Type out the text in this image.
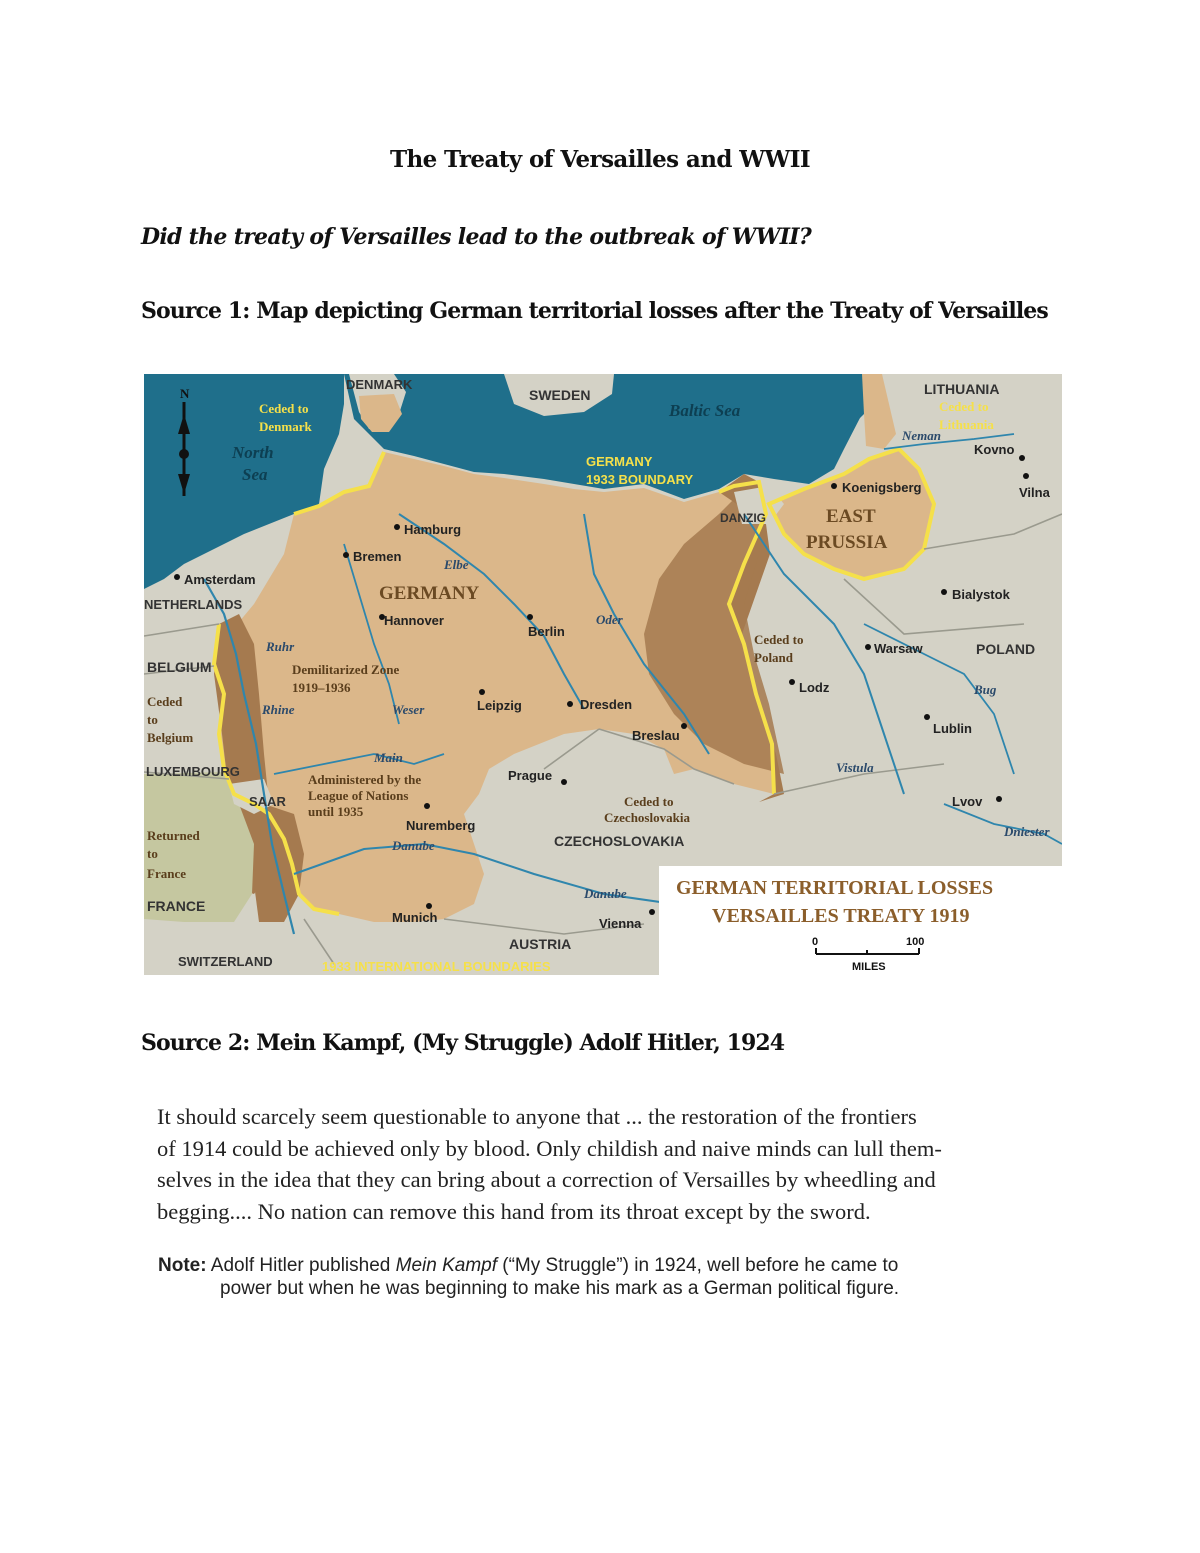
The Treaty of Versailles and WWII
Did the treaty of Versailles lead to the outbreak of WWII?
Source 1: Map depicting German territorial losses after the Treaty of Versailles
N
Baltic Sea
North
Sea
DENMARK
SWEDEN	LITHUANIA
NETHERLANDS
BELGIUM
LUXEMBOURG
FRANCE
SWITZERLAND
AUSTRIA
CZECHOSLOVAKIA
POLAND
GERMANY
EAST
PRUSSIA
DANZIG
SAAR
GERMANY
1933 BOUNDARY
1933 INTERNATIONAL BOUNDARIES
Hamburg
Bremen
Amsterdam
Hannover
Berlin
Leipzig	Dresden
Breslau
Prague
Nuremberg
Munich	Vienna
Koenigsberg
Kovno
Vilna
Bialystok
Warsaw
Lodz
Lublin
Lvov
Elbe
Oder
Weser
Rhine
Main
Danube
Danube
Vistula
Bug
Dniester
Neman
Ruhr
Ceded to
Denmark
Ceded to
Lithuania
Ceded to
Poland
Demilitarized Zone
1919–1936
Ceded
to
Belgium
Administered by the
League of Nations
until 1935
Returned
to
France
Ceded to
Czechoslovakia
GERMAN TERRITORIAL LOSSES
VERSAILLES TREATY 1919
0	100
MILES
Source 2: Mein Kampf, (My Struggle) Adolf Hitler, 1924

It should scarcely seem questionable to anyone that ... the restoration of the frontiers

of 1914 could be achieved only by blood. Only childish and naive minds can lull them-

selves in the idea that they can bring about a correction of Versailles by wheedling and

begging.... No nation can remove this hand from its throat except by the sword.

Note: Adolf Hitler published Mein Kampf (“My Struggle”) in 1924, well before he came to
power but when he was beginning to make his mark as a German political figure.
